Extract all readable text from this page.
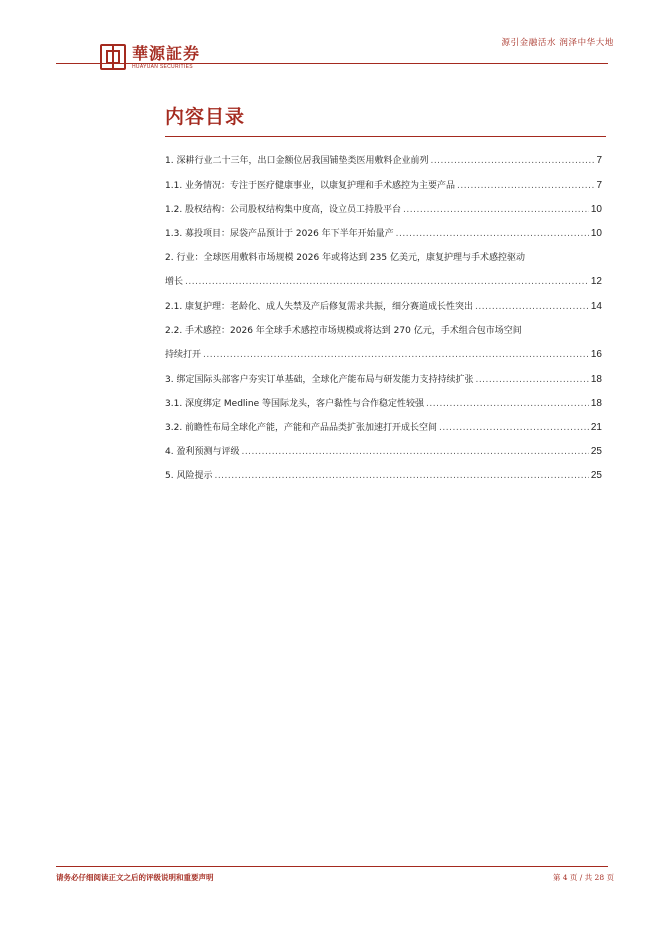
華源証券
HUAYUAN SECURITIES
源引金融活水 润泽中华大地
内容目录
1. 深耕行业二十三年，出口金额位居我国铺垫类医用敷料企业前列 .....	7
1.1. 业务情况：专注于医疗健康事业，以康复护理和手术感控为主要产品 .....	7
1.2. 股权结构：公司股权结构集中度高，设立员工持股平台 .....	10
1.3. 募投项目：尿袋产品预计于 2026 年下半年开始量产 .....	10
2. 行业：全球医用敷料市场规模 2026 年或将达到 235 亿美元，康复护理与手术感控驱动
增长 .....	12
2.1. 康复护理：老龄化、成人失禁及产后修复需求共振，细分赛道成长性突出 .....	14
2.2. 手术感控：2026 年全球手术感控市场规模或将达到 270 亿元，手术组合包市场空间
持续打开 .....	16
3. 绑定国际头部客户夯实订单基础，全球化产能布局与研发能力支持持续扩张 .....	18
3.1. 深度绑定 Medline 等国际龙头，客户黏性与合作稳定性较强 .....	18
3.2. 前瞻性布局全球化产能，产能和产品品类扩张加速打开成长空间 .....	21
4. 盈利预测与评级 .....	25
5. 风险提示 .....	25
请务必仔细阅读正文之后的评级说明和重要声明	第 4 页 / 共 28 页
